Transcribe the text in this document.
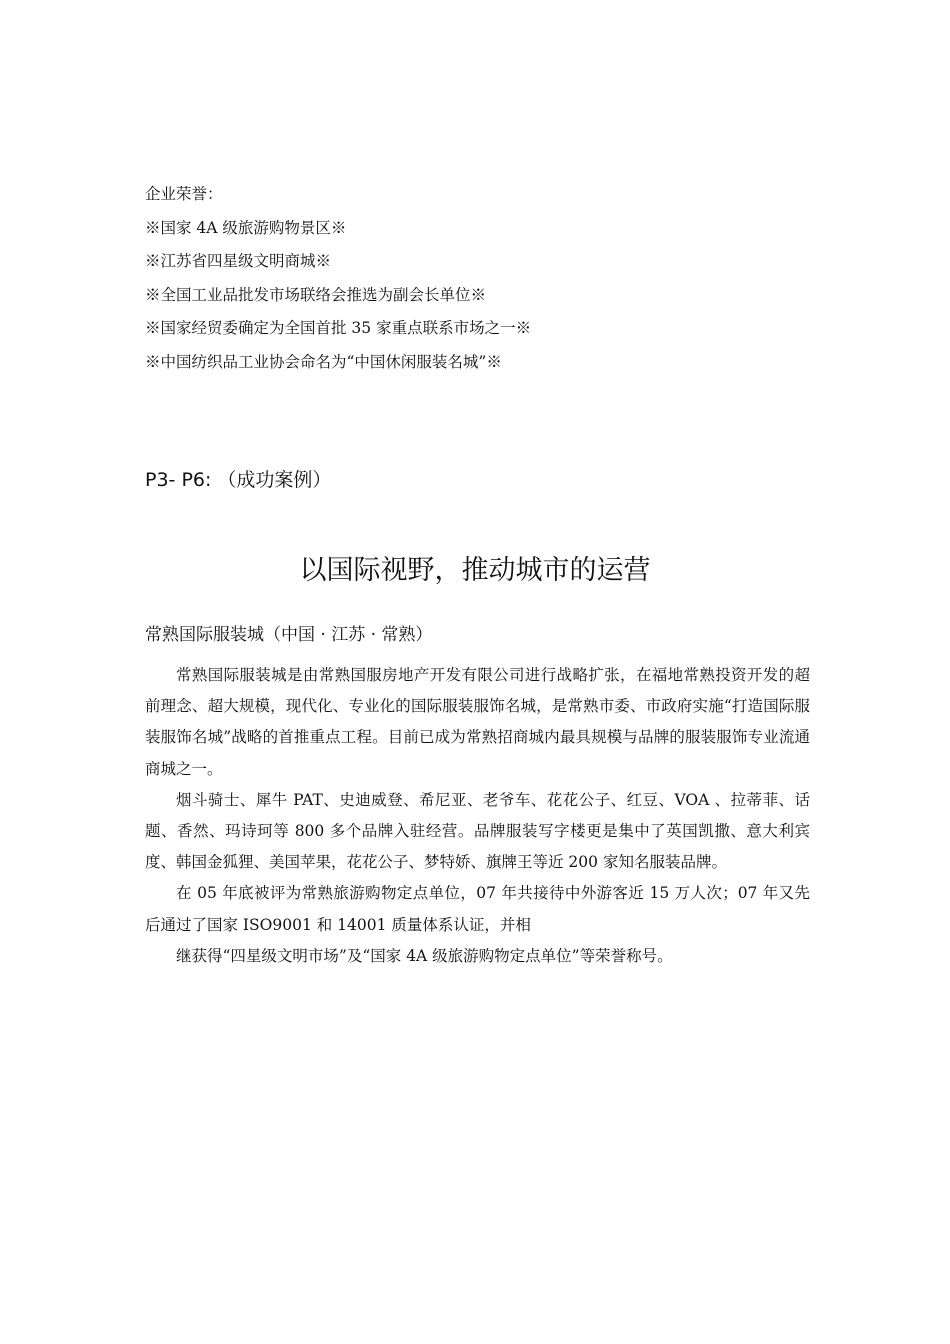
企业荣誉：
※国家 4A 级旅游购物景区※
※江苏省四星级文明商城※
※全国工业品批发市场联络会推选为副会长单位※
※国家经贸委确定为全国首批 35 家重点联系市场之一※
※中国纺织品工业协会命名为“中国休闲服装名城”※
P3- P6: （成功案例）
以国际视野，推动城市的运营
常熟国际服装城（中国 · 江苏 · 常熟）

常熟国际服装城是由常熟国服房地产开发有限公司进行战略扩张，在福地常熟投资开发的超前理念、超大规模，现代化、专业化的国际服装服饰名城，是常熟市委、市政府实施“打造国际服装服饰名城”战略的首推重点工程。目前已成为常熟招商城内最具规模与品牌的服装服饰专业流通商城之一。

烟斗骑士、犀牛 PAT、史迪威登、希尼亚、老爷车、花花公子、红豆、VOA 、拉蒂菲、话题、香然、玛诗珂等 800 多个品牌入驻经营。品牌服装写字楼更是集中了英国凯撒、意大利宾度、韩国金狐狸、美国苹果，花花公子、梦特娇、旗牌王等近 200 家知名服装品牌。

在 05 年底被评为常熟旅游购物定点单位，07 年共接待中外游客近 15 万人次；07 年又先后通过了国家 ISO9001 和 14001 质量体系认证，并相

继获得“四星级文明市场”及“国家 4A 级旅游购物定点单位”等荣誉称号。
